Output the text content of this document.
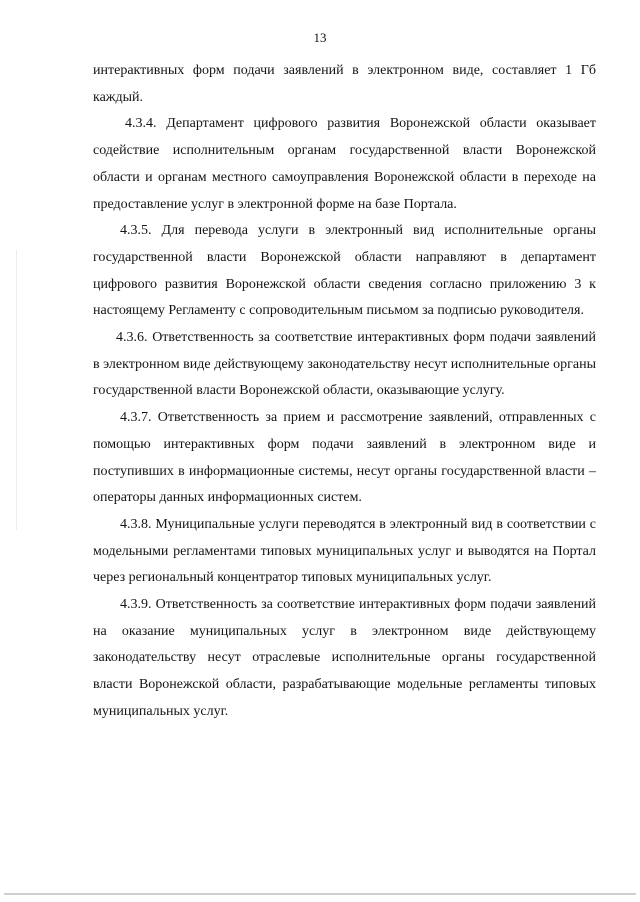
13

интерактивных форм подачи заявлений в электронном виде, составляет 1 Гб каждый.

4.3.4. Департамент цифрового развития Воронежской области оказывает содействие исполнительным органам государственной власти Воронежской области и органам местного самоуправления Воронежской области в переходе на предоставление услуг в электронной форме на базе Портала.

4.3.5. Для перевода услуги в электронный вид исполнительные органы государственной власти Воронежской области направляют в департамент цифрового развития Воронежской области сведения согласно приложению 3 к настоящему Регламенту с сопроводительным письмом за подписью руководителя.

4.3.6. Ответственность за соответствие интерактивных форм подачи заявлений в электронном виде действующему законодательству несут исполнительные органы государственной власти Воронежской области, оказывающие услугу.

4.3.7. Ответственность за прием и рассмотрение заявлений, отправленных с помощью интерактивных форм подачи заявлений в электронном виде и поступивших в информационные системы, несут органы государственной власти – операторы данных информационных систем.

4.3.8. Муниципальные услуги переводятся в электронный вид в соответствии с модельными регламентами типовых муниципальных услуг и выводятся на Портал через региональный концентратор типовых муниципальных услуг.

4.3.9. Ответственность за соответствие интерактивных форм подачи заявлений на оказание муниципальных услуг в электронном виде действующему законодательству несут отраслевые исполнительные органы государственной власти Воронежской области, разрабатывающие модельные регламенты типовых муниципальных услуг.
